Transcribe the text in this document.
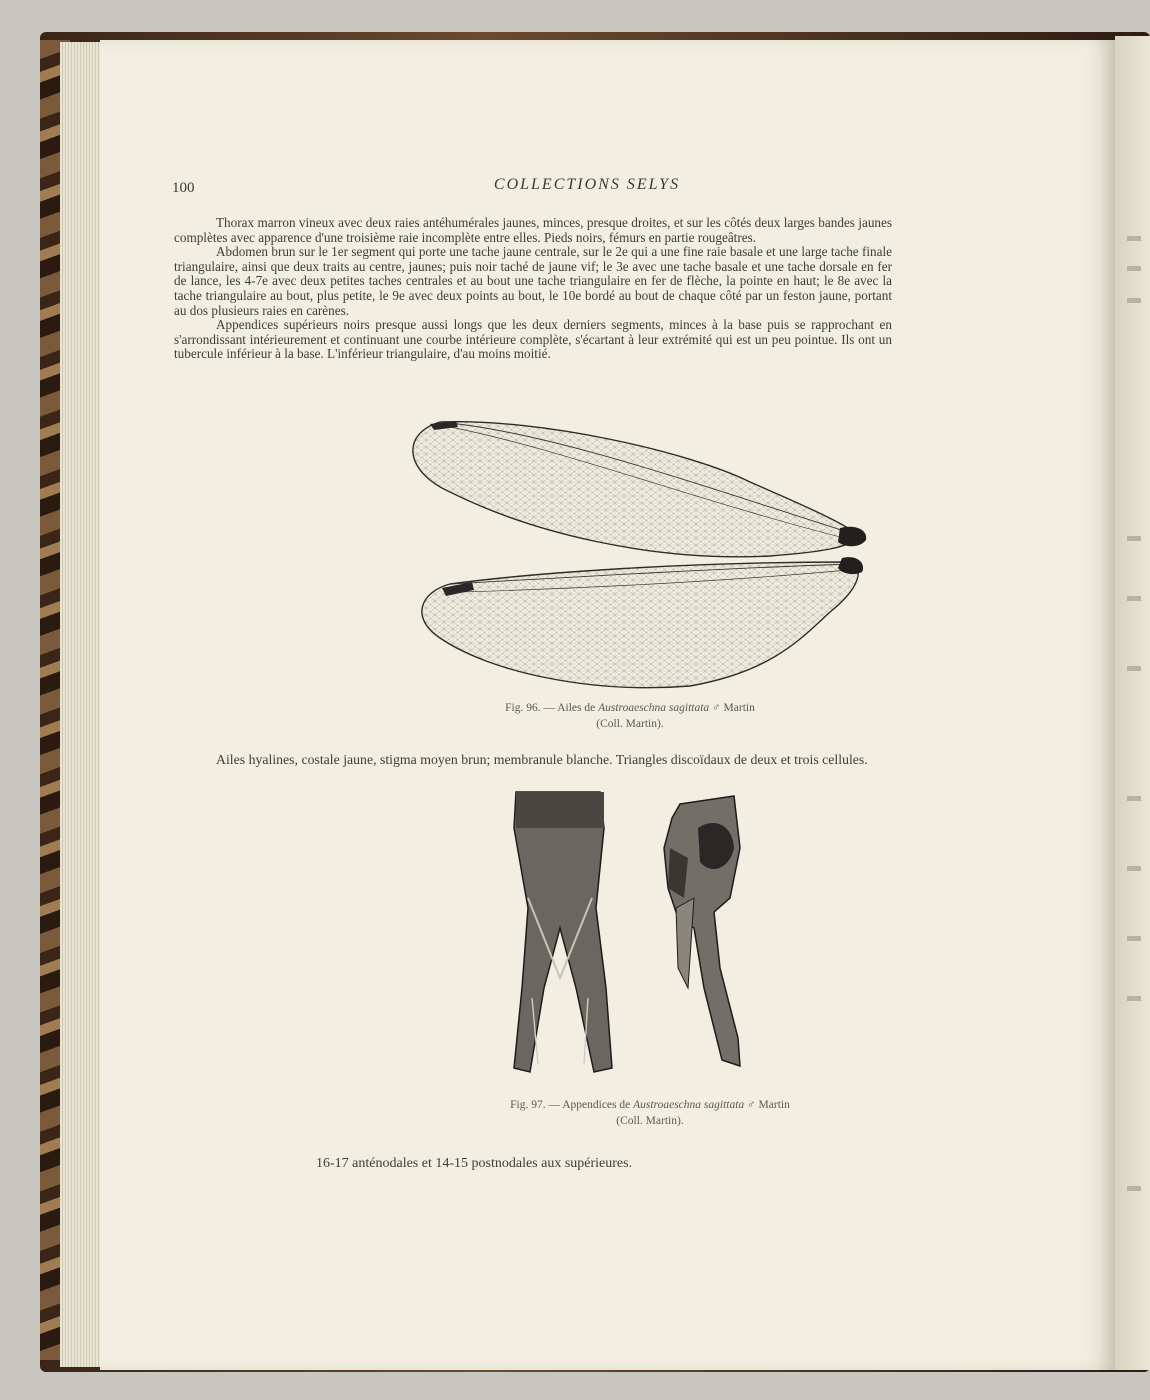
100	COLLECTIONS SELYS

Thorax marron vineux avec deux raies antéhumérales jaunes, minces, presque droites, et sur les côtés deux larges bandes jaunes complètes avec apparence d'une troisième raie incomplète entre elles. Pieds noirs, fémurs en partie rougeâtres.

Abdomen brun sur le 1er segment qui porte une tache jaune centrale, sur le 2e qui a une fine raie basale et une large tache finale triangulaire, ainsi que deux traits au centre, jaunes; puis noir taché de jaune vif; le 3e avec une tache basale et une tache dorsale en fer de lance, les 4-7e avec deux petites taches centrales et au bout une tache triangulaire en fer de flèche, la pointe en haut; le 8e avec la tache triangulaire au bout, plus petite, le 9e avec deux points au bout, le 10e bordé au bout de chaque côté par un feston jaune, portant au dos plusieurs raies en carènes.

Appendices supérieurs noirs presque aussi longs que les deux derniers segments, minces à la base puis se rapprochant en s'arrondissant intérieurement et continuant une courbe intérieure complète, s'écartant à leur extrémité qui est un peu pointue. Ils ont un tubercule inférieur à la base. L'inférieur triangulaire, d'au moins moitié.

Fig. 96. — Ailes de Austroaeschna sagittata ♂ Martin
(Coll. Martin).

Ailes hyalines, costale jaune, stigma moyen brun; membranule blanche. Triangles discoïdaux de deux et trois cellules.

Fig. 97. — Appendices de Austroaeschna sagittata ♂ Martin
(Coll. Martin).
16-17 anténodales et 14-15 postnodales aux supérieures.
